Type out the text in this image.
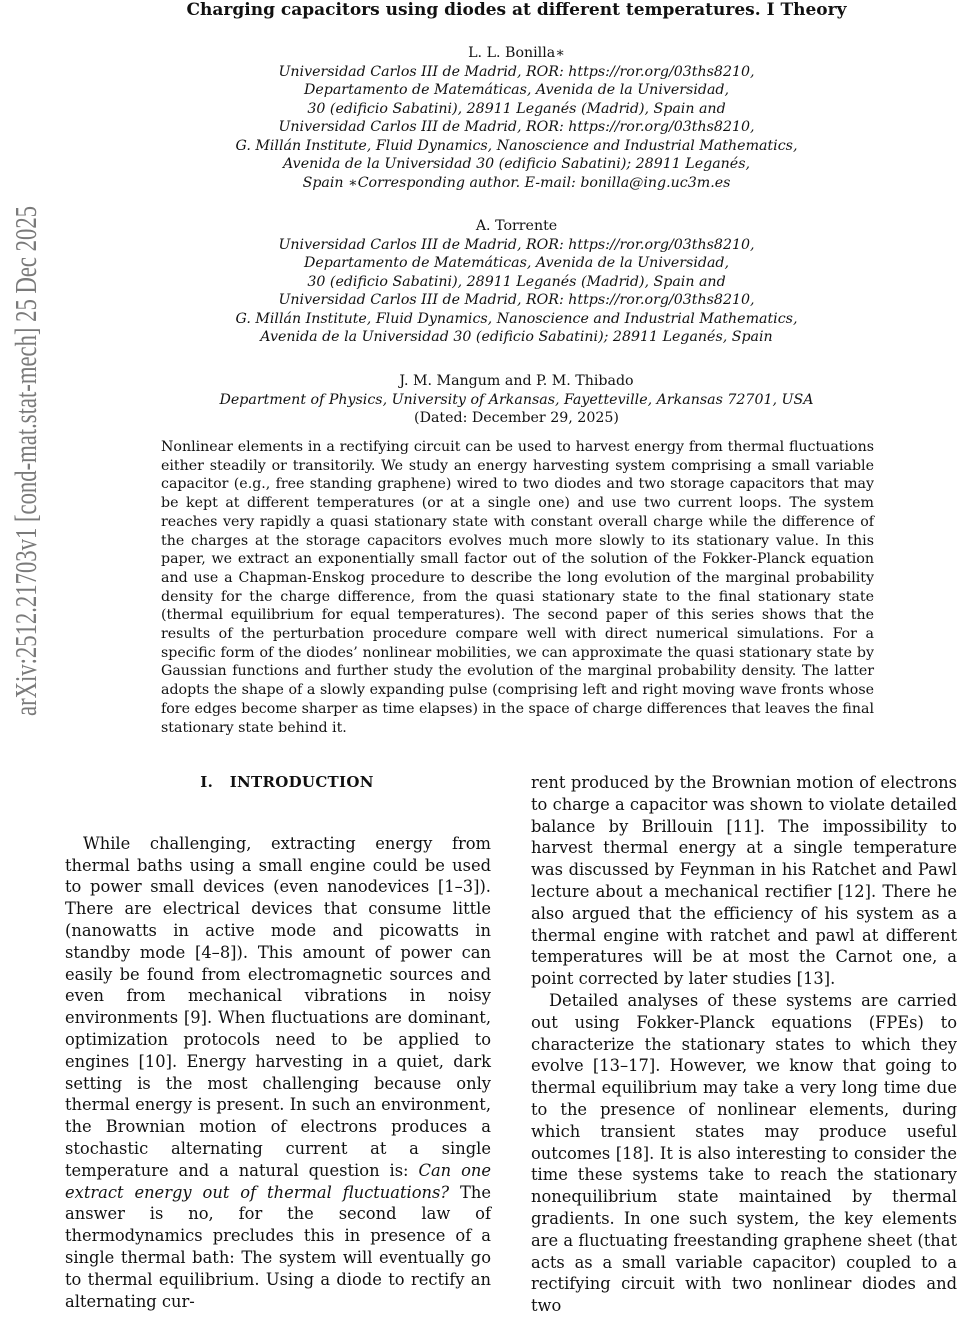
arXiv:2512.21703v1 [cond-mat.stat-mech] 25 Dec 2025
Charging capacitors using diodes at different temperatures. I Theory
L. L. Bonilla∗
Universidad Carlos III de Madrid, ROR: https://ror.org/03ths8210,
Departamento de Matemáticas, Avenida de la Universidad,
30 (edificio Sabatini), 28911 Leganés (Madrid), Spain and
Universidad Carlos III de Madrid, ROR: https://ror.org/03ths8210,
G. Millán Institute, Fluid Dynamics, Nanoscience and Industrial Mathematics,
Avenida de la Universidad 30 (edificio Sabatini); 28911 Leganés,
Spain ∗Corresponding author. E-mail: bonilla@ing.uc3m.es
A. Torrente
Universidad Carlos III de Madrid, ROR: https://ror.org/03ths8210,
Departamento de Matemáticas, Avenida de la Universidad,
30 (edificio Sabatini), 28911 Leganés (Madrid), Spain and
Universidad Carlos III de Madrid, ROR: https://ror.org/03ths8210,
G. Millán Institute, Fluid Dynamics, Nanoscience and Industrial Mathematics,
Avenida de la Universidad 30 (edificio Sabatini); 28911 Leganés, Spain
J. M. Mangum and P. M. Thibado
Department of Physics, University of Arkansas, Fayetteville, Arkansas 72701, USA
(Dated: December 29, 2025)
Nonlinear elements in a rectifying circuit can be used to harvest energy from thermal fluctuations either steadily or transitorily. We study an energy harvesting system comprising a small variable capacitor (e.g., free standing graphene) wired to two diodes and two storage capacitors that may be kept at different temperatures (or at a single one) and use two current loops. The system reaches very rapidly a quasi stationary state with constant overall charge while the difference of the charges at the storage capacitors evolves much more slowly to its stationary value. In this paper, we extract an exponentially small factor out of the solution of the Fokker-Planck equation and use a Chapman-Enskog procedure to describe the long evolution of the marginal probability density for the charge difference, from the quasi stationary state to the final stationary state (thermal equilibrium for equal temperatures). The second paper of this series shows that the results of the perturbation procedure compare well with direct numerical simulations. For a specific form of the diodes’ nonlinear mobilities, we can approximate the quasi stationary state by Gaussian functions and further study the evolution of the marginal probability density. The latter adopts the shape of a slowly expanding pulse (comprising left and right moving wave fronts whose fore edges become sharper as time elapses) in the space of charge differences that leaves the final stationary state behind it.

I. INTRODUCTION

While challenging, extracting energy from thermal baths using a small engine could be used to power small devices (even nanodevices [1–3]). There are electrical devices that consume little (nanowatts in active mode and picowatts in standby mode [4–8]). This amount of power can easily be found from electromagnetic sources and even from mechanical vibrations in noisy environments [9]. When fluctuations are dominant, optimization protocols need to be applied to engines [10]. Energy harvesting in a quiet, dark setting is the most challenging because only thermal energy is present. In such an environment, the Brownian motion of electrons produces a stochastic alternating current at a single temperature and a natural question is: Can one extract energy out of thermal fluctuations? The answer is no, for the second law of thermodynamics precludes this in presence of a single thermal bath: The system will eventually go to thermal equilibrium. Using a diode to rectify an alternating cur-

rent produced by the Brownian motion of electrons to charge a capacitor was shown to violate detailed balance by Brillouin [11]. The impossibility to harvest thermal energy at a single temperature was discussed by Feynman in his Ratchet and Pawl lecture about a mechanical rectifier [12]. There he also argued that the efficiency of his system as a thermal engine with ratchet and pawl at different temperatures will be at most the Carnot one, a point corrected by later studies [13].

Detailed analyses of these systems are carried out using Fokker-Planck equations (FPEs) to characterize the stationary states to which they evolve [13–17]. However, we know that going to thermal equilibrium may take a very long time due to the presence of nonlinear elements, during which transient states may produce useful outcomes [18]. It is also interesting to consider the time these systems take to reach the stationary nonequilibrium state maintained by thermal gradients. In one such system, the key elements are a fluctuating freestanding graphene sheet (that acts as a small variable capacitor) coupled to a rectifying circuit with two nonlinear diodes and two
